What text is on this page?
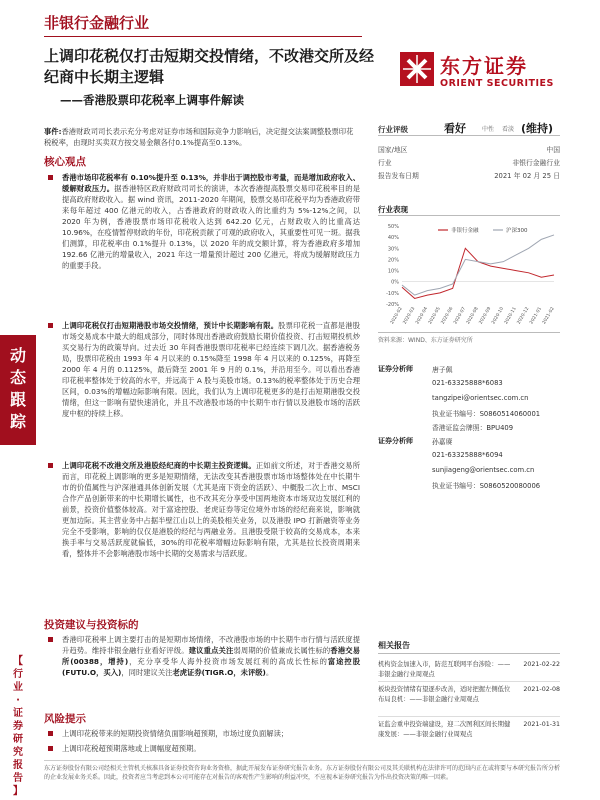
动
态
跟
踪
【
行
业
·
证
券
研
究
报
告
】
非银行金融行业
上调印花税仅打击短期交投情绪，不改港交所及经纪商中长期主逻辑
——香港股票印花税率上调事件解读
东方证券
ORIENT SECURITIES
事件:香港财政司司长表示充分考虑对证券市场和国际竞争力影响后，决定提交法案调整股票印花税税率，由现时买卖双方按交易金额各付0.1%提高至0.13%。
核心观点
香港市场印花税率有 0.10%提升至 0.13%，并非出于调控股市考量，而是增加政府收入、缓解财政压力。据香港特区政府财政司司长的演讲，本次香港提高股票交易印花税率目的是提高政府财政收入。据 wind 资讯，2011-2020 年期间，股票交易印花税平均为香港政府带来每年超过 400 亿港元的收入，占香港政府的财政收入的比重约为 5%-12%之间，以 2020 年为例，香港股票市场印花税收入达到 642.20 亿元，占财政收入的比重高达 10.96%，在疫情暂停财政的年份，印花税贡献了可观的政府收入，其重要性可见一斑。据我们测算，印花税率由 0.1%提升 0.13%，以 2020 年的成交额计算，将为香港政府多增加 192.66 亿港元的增量收入，2021 年这一增量预计超过 200 亿港元，将成为缓解财政压力的重要手段。
上调印花税仅打击短期港股市场交投情绪，预计中长期影响有限。股票印花税一直都是港股市场交易成本中最大的组成部分，同时体现出香港政府鼓励长期价值投资、打击短期投机炒买交易行为的政策导向。过去近 30 年间香港股票印花税率已经连续下调几次。据香港税务局，股票印花税由 1993 年 4 月以来的 0.15%降至 1998 年 4 月以来的 0.125%，再降至 2000 年 4 月的 0.1125%，最后降至 2001 年 9 月的 0.1%，并沿用至今。可以看出香港印花税率整体处于较高的水平，并远高于 A 股与美股市场。0.13%的税率整体处于历史合理区间，0.03%的增幅边际影响有限。因此，我们认为上调印花税更多的是打击短期港股交投情绪，但这一影响有望快速消化，并且不改港股市场的中长期牛市行情以及港股市场的活跃度中枢的持续上移。
上调印花税不改港交所及港股经纪商的中长期主投资逻辑。正如前文所述，对于香港交易所而言，印花税上调影响的更多是短期情绪，无法改变其香港股票市场市场整体处在中长期牛市的价值属性与沪深港通具体创新发展（尤其是南下资金的活跃）、中概股二次上市、MSCI 合作产品创新带来的中长期增长属性，也不改其充分享受中国两地资本市场双边发展红利的前景，投资价值整体较高。对于富途控股、老虎证券等定位境外市场的经纪商来说，影响就更加边际。其主营业务中占据半壁江山以上的美股相关业务，以及港股 IPO 打新融资等业务完全不受影响，影响的仅仅是港股的经纪与两融业务。且港股受限于较高的交易成本，本来换手率与交易活跃度就偏低，30%的印花税率增幅边际影响有限，尤其是拉长投资周期来看，整体并不会影响港股市场中长期的交易需求与活跃度。
投资建议与投资标的
香港印花税率上调主要打击的是短期市场情绪，不改港股市场的中长期牛市行情与活跃度提升趋势。维持非银金融行业看好评级。建议重点关注弱周期的价值兼成长属性标的香港交易所(00388，增持)，充分享受华人海外投资市场发展红利的高成长性标的富途控股(FUTU.O，买入)，同时建议关注老虎证券(TIGR.O，未评级)。
风险提示
上调印花税带来的短期投资情绪负面影响超预期，市场过度负面解读；
上调印花税超预期落地或上调幅度超预期。
行业评级	看好	中性 看淡 (维持)
国家/地区	中国
行业	非银行金融行业
报告发布日期	2021 年 02 月 25 日
行业表现
50%
40%
30%
20%
10%
0%
-10%
-20%
2020-02
2020-03
2020-04
2020-05
2020-06
2020-07
2020-08
2020-09
2020-10
2020-11
2020-12
2021-01
2021-02
非银行金融	沪深300
资料来源：WIND、东方证券研究所
证券分析师	唐子佩
021-63325888*6083
tangzipei@orientsec.com.cn
执业证书编号：S0860514060001
香港证监会牌照：BPU409
证券分析师	孙嘉赓
021-63325888*6094
sunjiageng@orientsec.com.cn
执业证书编号：S0860520080006
相关报告
机构资金加速入市，防范互联网平台涉险：——非银金融行业周观点
2021-02-22
板块投资情绪有望逐步改善，适时把握左侧低位布局良机：——非银金融行业周观点
2021-02-08
证监会重申投资端建设，迎二次图利区间长期健康发展：——非银金融行业周观点
2021-01-31
东方证券股份有限公司经相关主管机关核准具备证券投资咨询业务资格，据此开展发布证券研究报告业务。东方证券股份有限公司及其关联机构在法律许可的范围内正在或将要与本研究报告所分析的企业发展业务关系。因此，投资者应当考虑到本公司可能存在对报告的客观性产生影响的利益冲突，不应视本证券研究报告为作出投资决策的唯一因素。
